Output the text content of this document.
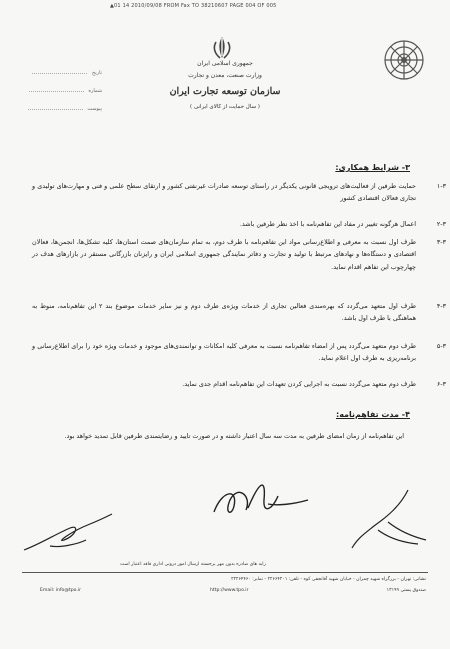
▲01 14 2010/09/08 FROM Fax TO 38210607 PAGE 004 OF 005
تاریخ
شماره
پیوست
جمهوری اسلامی ایران
وزارت صنعت، معدن و تجارت
سازمان توسعه تجارت ایران
( سال حمایت از کالای ایرانی )
۳- شرایط همکاری:
۱-۳
حمایت طرفین از فعالیت‌های ترویجی قانونی یکدیگر در راستای توسعه صادرات غیرنفتی کشور و ارتقای سطح علمی و فنی و مهارت‌های تولیدی و تجاری فعالان اقتصادی کشور
۲-۳
اعمال هرگونه تغییر در مفاد این تفاهم‌نامه با اخذ نظر طرفین باشد.
۳-۳
طرف اول نسبت به معرفی و اطلاع‌رسانی مواد این تفاهم‌نامه با طرف دوم، به تمام سازمان‌های صمت استان‌ها، کلیه تشکل‌ها، انجمن‌ها، فعالان اقتصادی و دستگاه‌ها و نهادهای مرتبط با تولید و تجارت و دفاتر نمایندگی جمهوری اسلامی ایران و رایزنان بازرگانی مستقر در بازارهای هدف در چهارچوب این تفاهم اقدام نماید.
۴-۳
طرف اول متعهد می‌گردد که بهره‌مندی فعالین تجاری از خدمات ویژه‌ی طرف دوم و نیز سایر خدمات موضوع بند ۲ این تفاهم‌نامه، منوط به هماهنگی با طرف اول باشد.
۵-۳
طرف دوم متعهد می‌گردد پس از امضاء تفاهم‌نامه نسبت به معرفی کلیه امکانات و توانمندی‌های موجود و خدمات ویژه خود را برای اطلاع‌رسانی و برنامه‌ریزی به طرف اول اعلام نماید.
۶-۳
طرف دوم متعهد می‌گردد نسبت به اجرایی کردن تعهدات این تفاهم‌نامه اقدام جدی نماید.
۴- مدت تفاهم‌نامه:
این تفاهم‌نامه از زمان امضای طرفین به مدت سه سال اعتبار داشته و در صورت تایید و رضایتمندی طرفین قابل تمدید خواهد بود.
رابه های صادره بدون مهر برجسته ارسال امور درونی اداری فاقد اعتبار است
نشانی: تهران - بزرگراه شهید چمران - خیابان شهید آقانجفی کوه - تلفن: ۲۲۶۶۴۲۰۱ - نمابر: ۲۲۲۶۴۴۶۰
صندوق پستی ۱۳۱۹۹
http://www.tpo.ir
Email: info@tpo.ir
